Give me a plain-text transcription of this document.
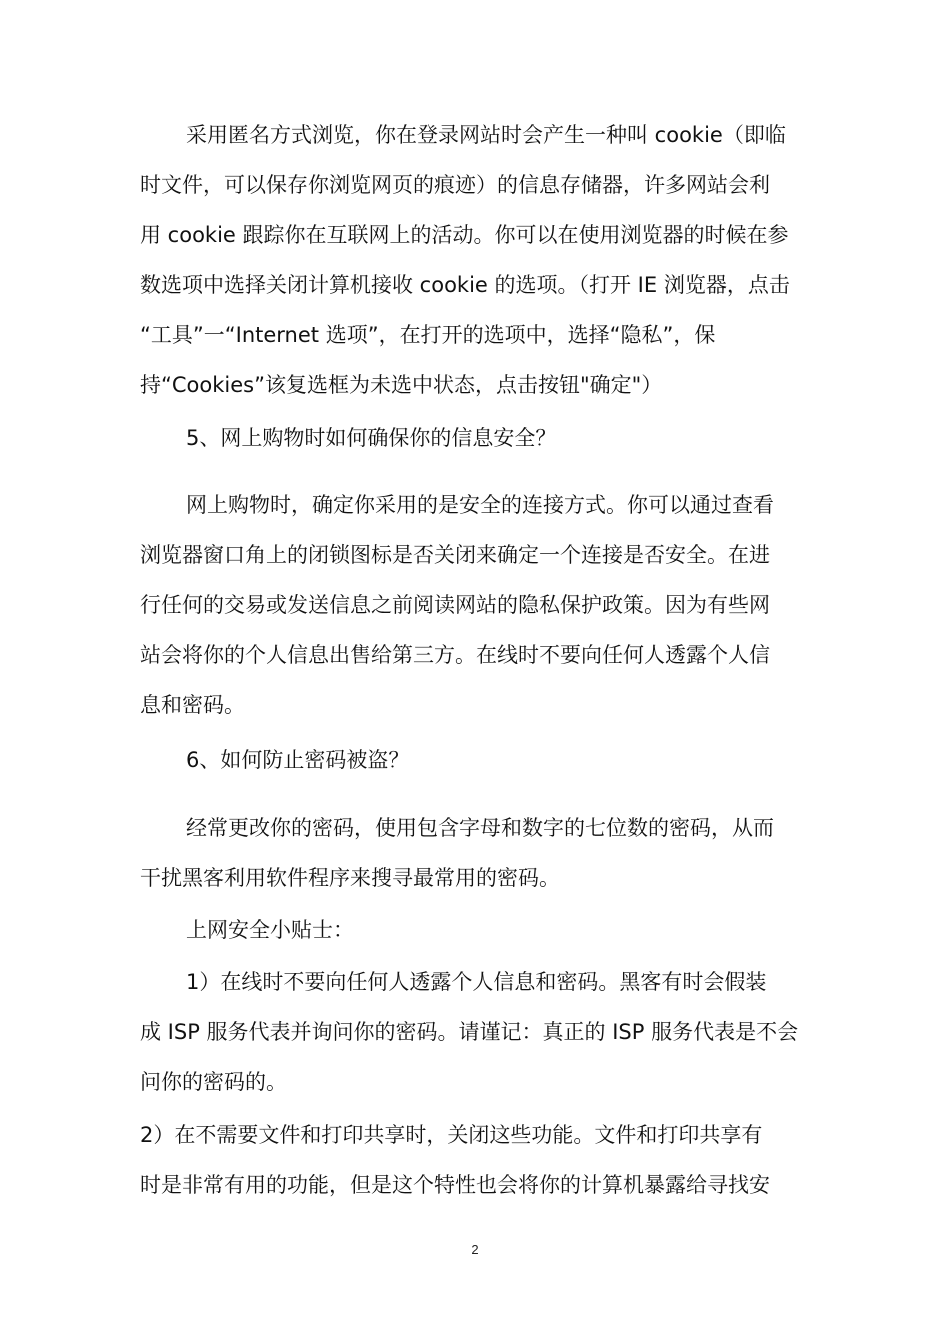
采用匿名方式浏览，你在登录网站时会产生一种叫 cookie（即临
时文件，可以保存你浏览网页的痕迹）的信息存储器，许多网站会利
用 cookie 跟踪你在互联网上的活动。你可以在使用浏览器的时候在参
数选项中选择关闭计算机接收 cookie 的选项。（打开 IE 浏览器，点击
“工具”一“Internet 选项”，在打开的选项中，选择“隐私”，保
持“Cookies”该复选框为未选中状态，点击按钮"确定"）
5、网上购物时如何确保你的信息安全？
网上购物时，确定你采用的是安全的连接方式。你可以通过查看
浏览器窗口角上的闭锁图标是否关闭来确定一个连接是否安全。在进
行任何的交易或发送信息之前阅读网站的隐私保护政策。因为有些网
站会将你的个人信息出售给第三方。在线时不要向任何人透露个人信
息和密码。
6、如何防止密码被盗？
经常更改你的密码，使用包含字母和数字的七位数的密码，从而
干扰黑客利用软件程序来搜寻最常用的密码。
上网安全小贴士：
1）在线时不要向任何人透露个人信息和密码。黑客有时会假装
成 ISP 服务代表并询问你的密码。请谨记：真正的 ISP 服务代表是不会
问你的密码的。
2）在不需要文件和打印共享时，关闭这些功能。文件和打印共享有
时是非常有用的功能，但是这个特性也会将你的计算机暴露给寻找安
2
